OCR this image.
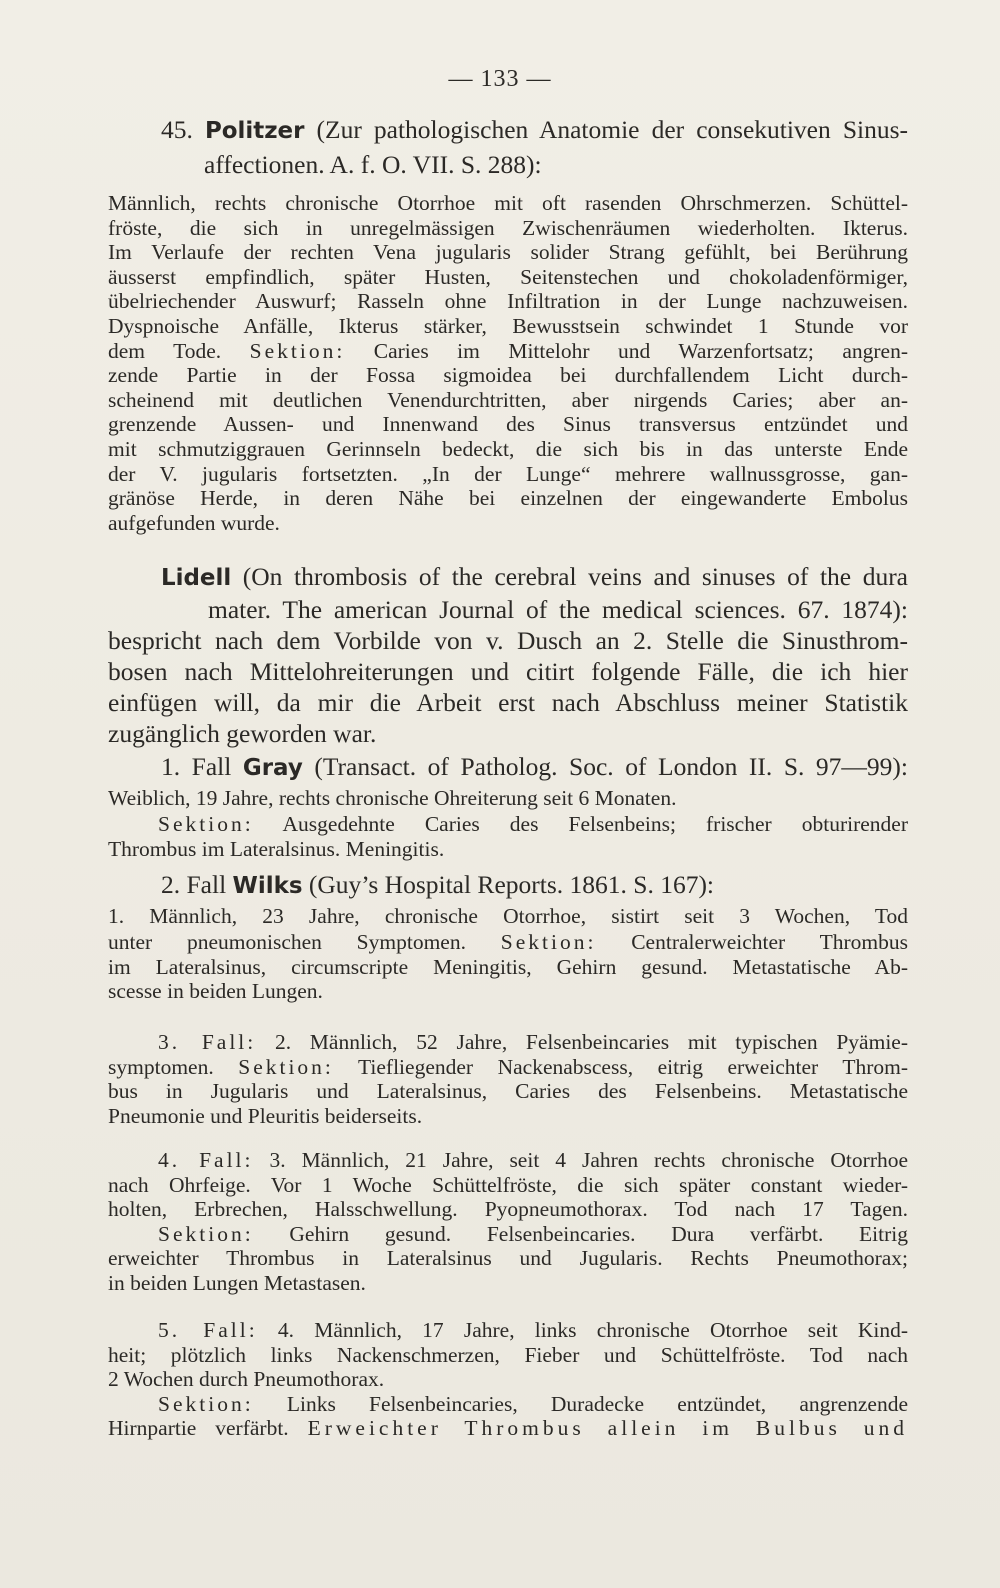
— 133 —
45. Politzer (Zur pathologischen Anatomie der consekutiven Sinus-
affectionen. A. f. O. VII. S. 288):
Männlich, rechts chronische Otorrhoe mit oft rasenden Ohrschmerzen. Schüttel-
fröste, die sich in unregelmässigen Zwischenräumen wiederholten. Ikterus.
Im Verlaufe der rechten Vena jugularis solider Strang gefühlt, bei Berührung
äusserst empfindlich, später Husten, Seitenstechen und chokoladenförmiger,
übelriechender Auswurf; Rasseln ohne Infiltration in der Lunge nachzuweisen.
Dyspnoische Anfälle, Ikterus stärker, Bewusstsein schwindet 1 Stunde vor
dem Tode. Sektion: Caries im Mittelohr und Warzenfortsatz; angren-
zende Partie in der Fossa sigmoidea bei durchfallendem Licht durch-
scheinend mit deutlichen Venendurchtritten, aber nirgends Caries; aber an-
grenzende Aussen- und Innenwand des Sinus transversus entzündet und
mit schmutziggrauen Gerinnseln bedeckt, die sich bis in das unterste Ende
der V. jugularis fortsetzten. „In der Lunge“ mehrere wallnussgrosse, gan-
gränöse Herde, in deren Nähe bei einzelnen der eingewanderte Embolus
aufgefunden wurde.
Lidell (On thrombosis of the cerebral veins and sinuses of the dura
mater. The american Journal of the medical sciences. 67. 1874):
bespricht nach dem Vorbilde von v. Dusch an 2. Stelle die Sinusthrom-
bosen nach Mittelohreiterungen und citirt folgende Fälle, die ich hier
einfügen will, da mir die Arbeit erst nach Abschluss meiner Statistik
zugänglich geworden war.
1. Fall Gray (Transact. of Patholog. Soc. of London II. S. 97—99):
Weiblich, 19 Jahre, rechts chronische Ohreiterung seit 6 Monaten.
Sektion: Ausgedehnte Caries des Felsenbeins; frischer obturirender
Thrombus im Lateralsinus. Meningitis.
2. Fall Wilks (Guy’s Hospital Reports. 1861. S. 167):
1. Männlich, 23 Jahre, chronische Otorrhoe, sistirt seit 3 Wochen, Tod
unter pneumonischen Symptomen. Sektion: Centralerweichter Thrombus
im Lateralsinus, circumscripte Meningitis, Gehirn gesund. Metastatische Ab-
scesse in beiden Lungen.
3. Fall: 2. Männlich, 52 Jahre, Felsenbeincaries mit typischen Pyämie-
symptomen. Sektion: Tiefliegender Nackenabscess, eitrig erweichter Throm-
bus in Jugularis und Lateralsinus, Caries des Felsenbeins. Metastatische
Pneumonie und Pleuritis beiderseits.
4. Fall: 3. Männlich, 21 Jahre, seit 4 Jahren rechts chronische Otorrhoe
nach Ohrfeige. Vor 1 Woche Schüttelfröste, die sich später constant wieder-
holten, Erbrechen, Halsschwellung. Pyopneumothorax. Tod nach 17 Tagen.
Sektion: Gehirn gesund. Felsenbeincaries. Dura verfärbt. Eitrig
erweichter Thrombus in Lateralsinus und Jugularis. Rechts Pneumothorax;
in beiden Lungen Metastasen.
5. Fall: 4. Männlich, 17 Jahre, links chronische Otorrhoe seit Kind-
heit; plötzlich links Nackenschmerzen, Fieber und Schüttelfröste. Tod nach
2 Wochen durch Pneumothorax.
Sektion: Links Felsenbeincaries, Duradecke entzündet, angrenzende
Hirnpartie verfärbt. Erweichter Thrombus allein im Bulbus und
